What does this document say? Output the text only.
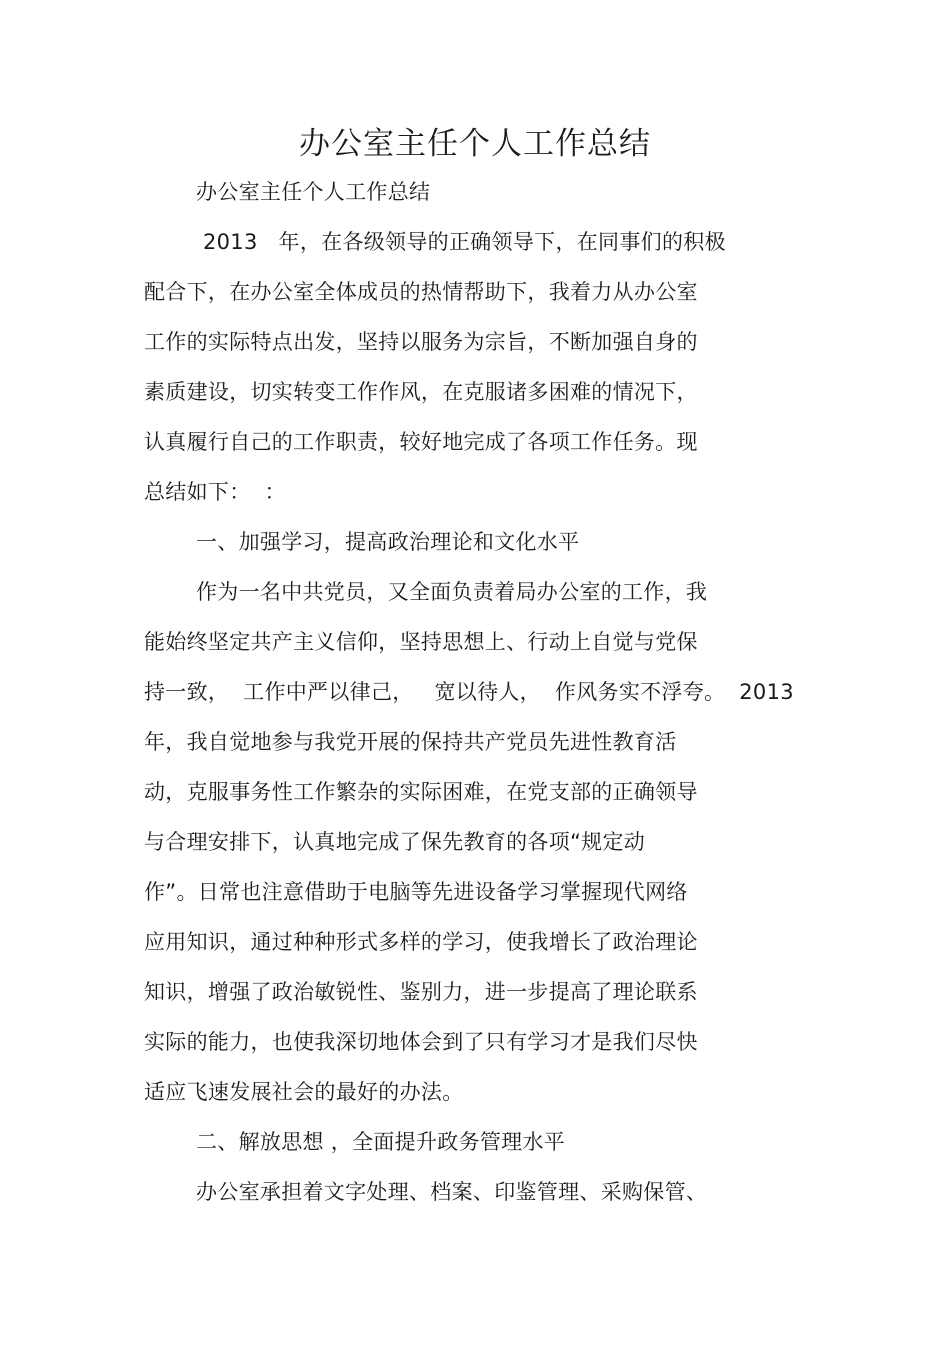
办公室主任个人工作总结
办公室主任个人工作总结
2013   年，在各级领导的正确领导下，在同事们的积极
配合下，在办公室全体成员的热情帮助下，我着力从办公室
工作的实际特点出发，坚持以服务为宗旨，不断加强自身的
素质建设，切实转变工作作风，在克服诸多困难的情况下，
认真履行自己的工作职责，较好地完成了各项工作任务。现
总结如下：  ：
一、加强学习，提高政治理论和文化水平
作为一名中共党员，又全面负责着局办公室的工作，我
能始终坚定共产主义信仰，坚持思想上、行动上自觉与党保
持一致，  工作中严以律己，   宽以待人，  作风务实不浮夸。  2013
年，我自觉地参与我党开展的保持共产党员先进性教育活
动，克服事务性工作繁杂的实际困难，在党支部的正确领导
与合理安排下，认真地完成了保先教育的各项“规定动
作”。日常也注意借助于电脑等先进设备学习掌握现代网络
应用知识，通过种种形式多样的学习，使我增长了政治理论
知识，增强了政治敏锐性、鉴别力，进一步提高了理论联系
实际的能力，也使我深切地体会到了只有学习才是我们尽快
适应飞速发展社会的最好的办法。
二、解放思想 ，全面提升政务管理水平
办公室承担着文字处理、档案、印鉴管理、采购保管、
